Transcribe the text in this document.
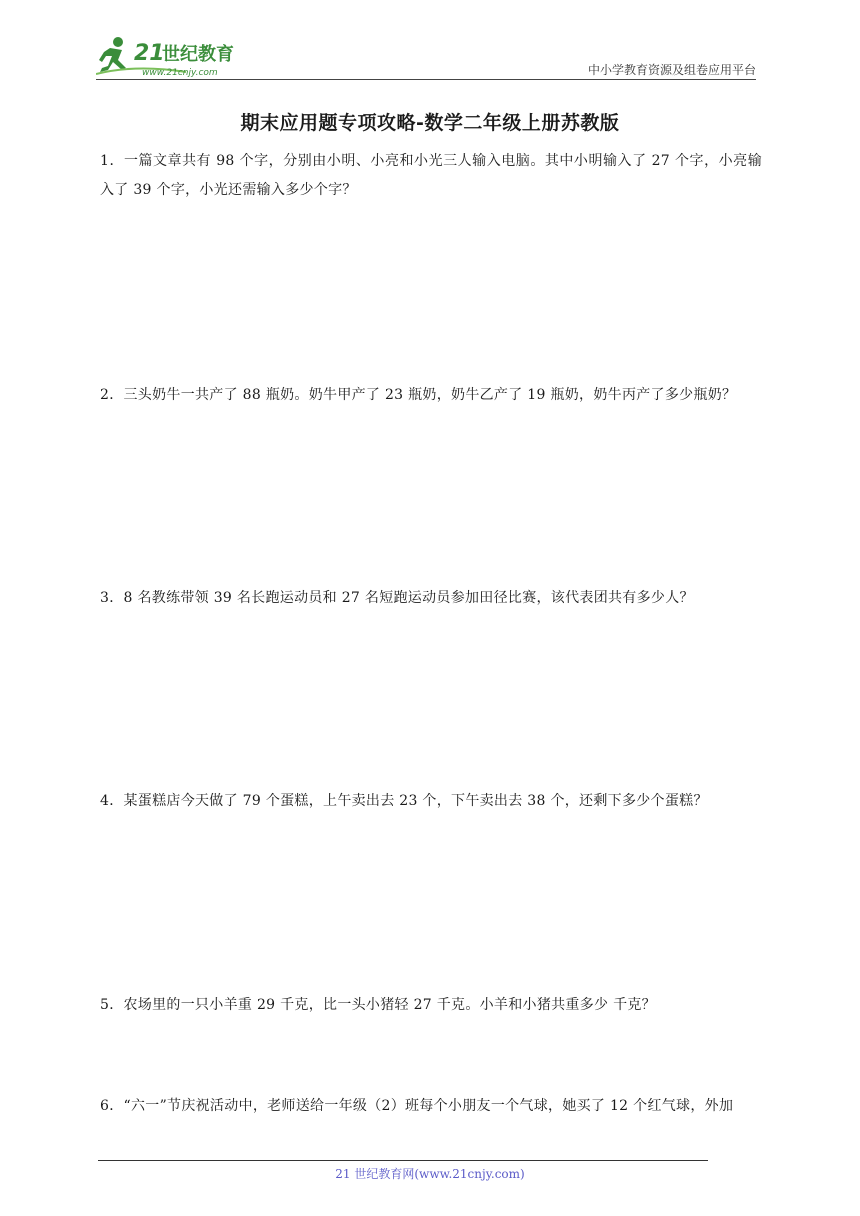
21
世纪教育
www.21cnjy.com	中小学教育资源及组卷应用平台
期末应用题专项攻略-数学二年级上册苏教版
1．一篇文章共有 98 个字，分别由小明、小亮和小光三人输入电脑。其中小明输入了 27 个字，小亮输入了 39 个字，小光还需输入多少个字？
2．三头奶牛一共产了 88 瓶奶。奶牛甲产了 23 瓶奶，奶牛乙产了 19 瓶奶，奶牛丙产了多少瓶奶？
3．8 名教练带领 39 名长跑运动员和 27 名短跑运动员参加田径比赛，该代表团共有多少人？
4．某蛋糕店今天做了 79 个蛋糕，上午卖出去 23 个，下午卖出去 38 个，还剩下多少个蛋糕？
5．农场里的一只小羊重 29 千克，比一头小猪轻 27 千克。小羊和小猪共重多少 千克？
6．“六一”节庆祝活动中，老师送给一年级（2）班每个小朋友一个气球，她买了 12 个红气球，外加
21 世纪教育网(www.21cnjy.com)
